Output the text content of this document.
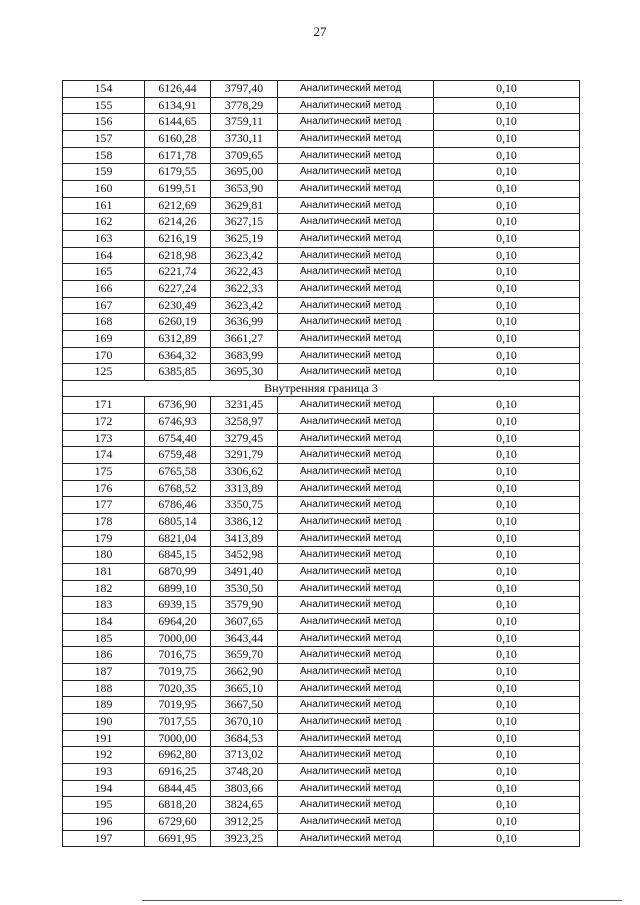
27
154	6126,44	3797,40	Аналитический метод	0,10
155	6134,91	3778,29	Аналитический метод	0,10
156	6144,65	3759,11	Аналитический метод	0,10
157	6160,28	3730,11	Аналитический метод	0,10
158	6171,78	3709,65	Аналитический метод	0,10
159	6179,55	3695,00	Аналитический метод	0,10
160	6199,51	3653,90	Аналитический метод	0,10
161	6212,69	3629,81	Аналитический метод	0,10
162	6214,26	3627,15	Аналитический метод	0,10
163	6216,19	3625,19	Аналитический метод	0,10
164	6218,98	3623,42	Аналитический метод	0,10
165	6221,74	3622,43	Аналитический метод	0,10
166	6227,24	3622,33	Аналитический метод	0,10
167	6230,49	3623,42	Аналитический метод	0,10
168	6260,19	3636,99	Аналитический метод	0,10
169	6312,89	3661,27	Аналитический метод	0,10
170	6364,32	3683,99	Аналитический метод	0,10
125	6385,85	3695,30	Аналитический метод	0,10
Внутренняя граница 3				
171	6736,90	3231,45	Аналитический метод	0,10
172	6746,93	3258,97	Аналитический метод	0,10
173	6754,40	3279,45	Аналитический метод	0,10
174	6759,48	3291,79	Аналитический метод	0,10
175	6765,58	3306,62	Аналитический метод	0,10
176	6768,52	3313,89	Аналитический метод	0,10
177	6786,46	3350,75	Аналитический метод	0,10
178	6805,14	3386,12	Аналитический метод	0,10
179	6821,04	3413,89	Аналитический метод	0,10
180	6845,15	3452,98	Аналитический метод	0,10
181	6870,99	3491,40	Аналитический метод	0,10
182	6899,10	3530,50	Аналитический метод	0,10
183	6939,15	3579,90	Аналитический метод	0,10
184	6964,20	3607,65	Аналитический метод	0,10
185	7000,00	3643,44	Аналитический метод	0,10
186	7016,75	3659,70	Аналитический метод	0,10
187	7019,75	3662,90	Аналитический метод	0,10
188	7020,35	3665,10	Аналитический метод	0,10
189	7019,95	3667,50	Аналитический метод	0,10
190	7017,55	3670,10	Аналитический метод	0,10
191	7000,00	3684,53	Аналитический метод	0,10
192	6962,80	3713,02	Аналитический метод	0,10
193	6916,25	3748,20	Аналитический метод	0,10
194	6844,45	3803,66	Аналитический метод	0,10
195	6818,20	3824,65	Аналитический метод	0,10
196	6729,60	3912,25	Аналитический метод	0,10
197	6691,95	3923,25	Аналитический метод	0,10
